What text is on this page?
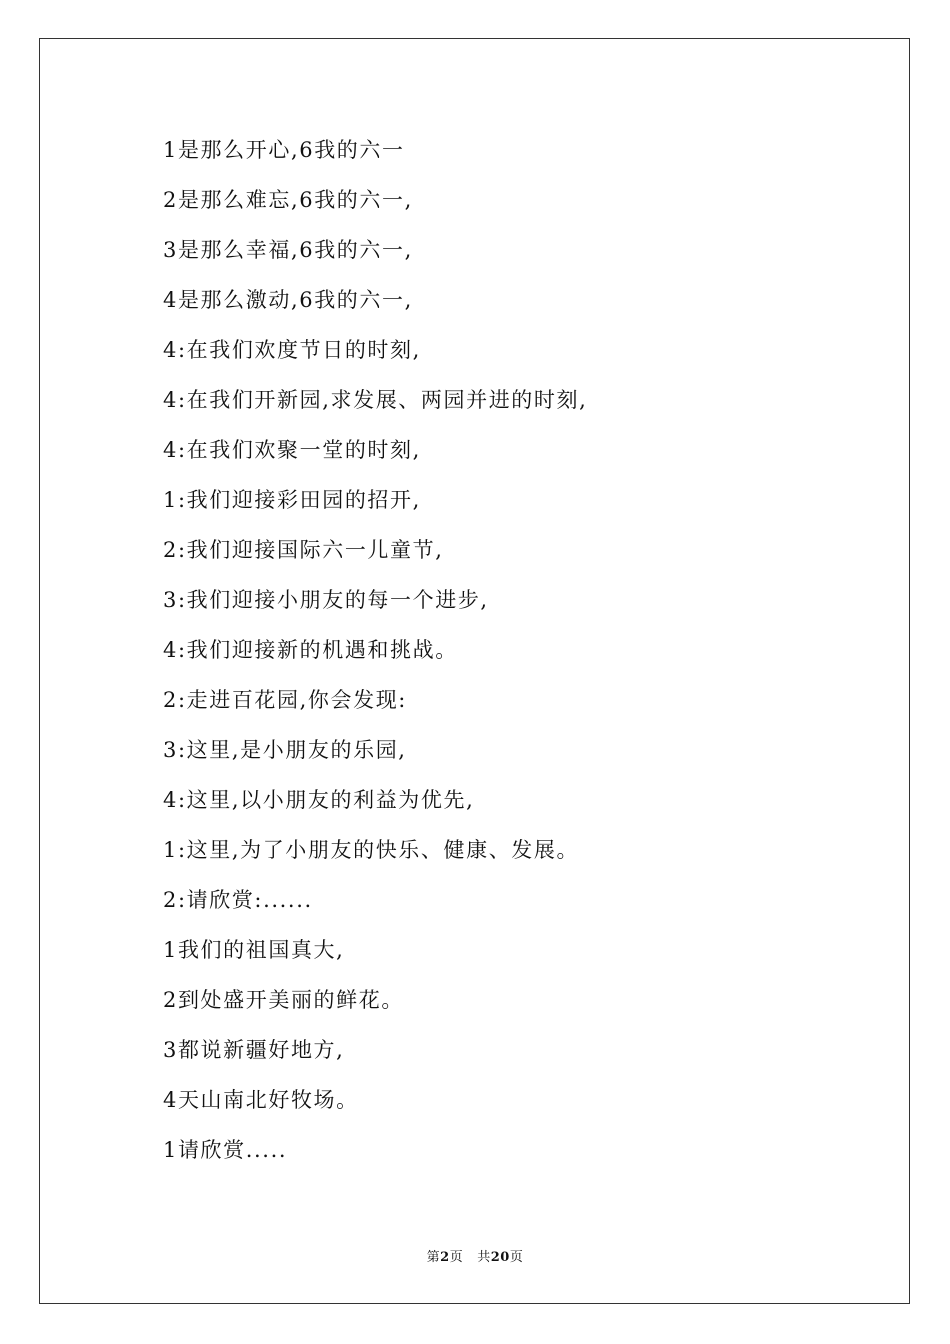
1是那么开心,6我的六一
2是那么难忘,6我的六一,
3是那么幸福,6我的六一,
4是那么激动,6我的六一,
4:在我们欢度节日的时刻,
4:在我们开新园,求发展、两园并进的时刻,
4:在我们欢聚一堂的时刻,
1:我们迎接彩田园的招开,
2:我们迎接国际六一儿童节,
3:我们迎接小朋友的每一个进步,
4:我们迎接新的机遇和挑战。
2:走进百花园,你会发现:
3:这里,是小朋友的乐园,
4:这里,以小朋友的利益为优先,
1:这里,为了小朋友的快乐、健康、发展。
2:请欣赏:......
1我们的祖国真大,
2到处盛开美丽的鲜花。
3都说新疆好地方,
4天山南北好牧场。
1请欣赏.....
第2页 共20页
